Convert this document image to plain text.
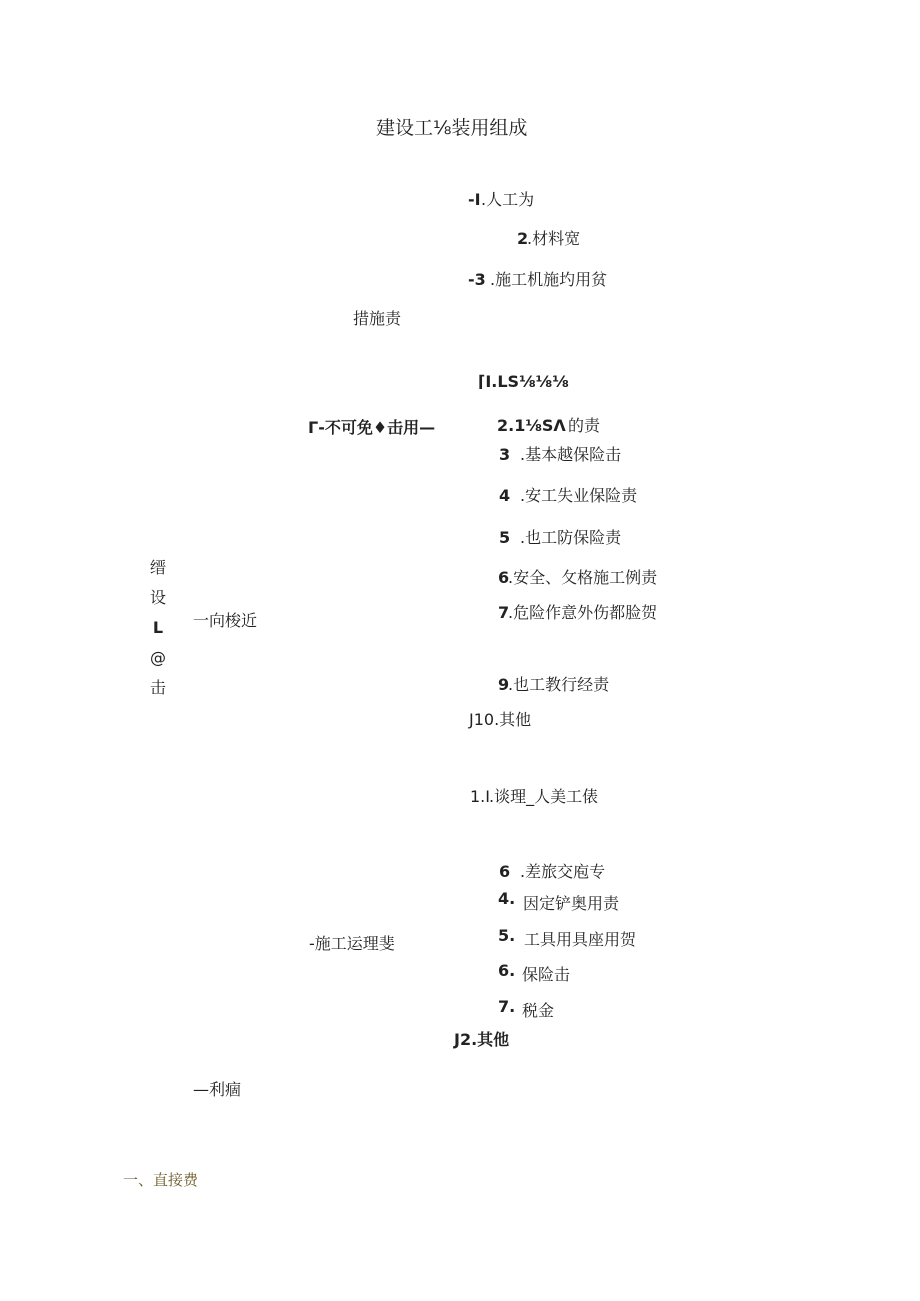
建设工⅛装用组成
-I .人工为
2
.材料宽
-3 .施工机施圴用贫
措施责
⌈I.LS⅛⅛⅛
Γ-不可免♦击用—	2.1⅛SΛ 的责
3 .基本越保险击
4 .安工失业保险责
5 .也工防保险责
6
.安全、攵格施工例责
7
.危险作意外伤都脸贺
9
.也工教行经责
J10.其他
缙
设
L
@
击
一向梭近
1.I .谈理_人美工俵
6 .差旅交庖专
4. 因定铲奥用责
5. 工具用具座用贺
-施工运理斐
6. 保险击
7. 税金
J2.其他
—利痼
一、直接费
